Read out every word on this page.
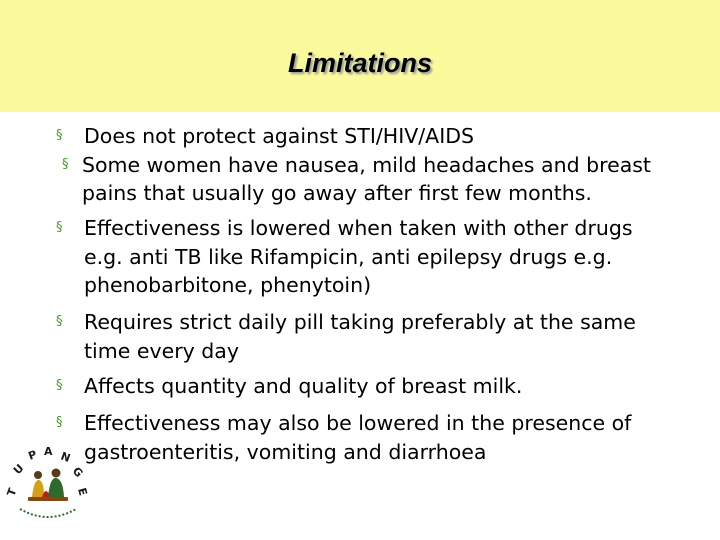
Limitations
§	Does not protect against STI/HIV/AIDS
§ Some women have nausea, mild headaches and breast pains that usually go away after first few months.
§	Effectiveness is lowered when taken with other drugs e.g. anti TB like Rifampicin, anti epilepsy drugs e.g. phenobarbitone, phenytoin)
§	Requires strict daily pill taking preferably at the same time every day
§	Affects quantity and quality of breast milk.
§	Effectiveness may also be lowered in the presence of gastroenteritis, vomiting and diarrhoea
T
U
P A N
G
E
